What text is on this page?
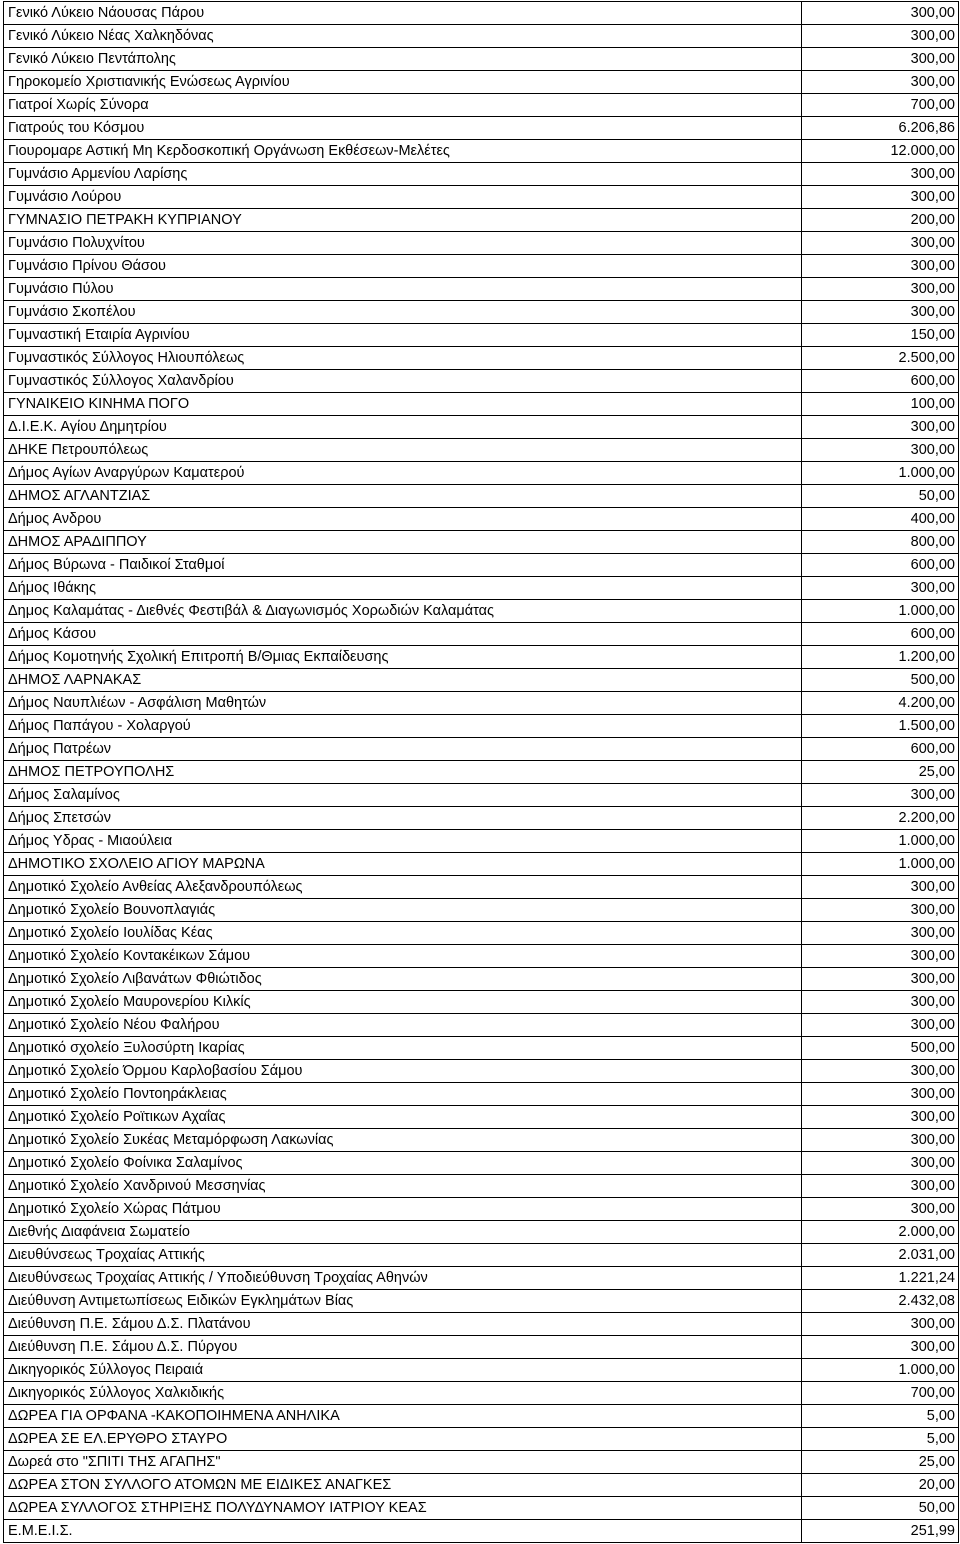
Γενικό Λύκειο Νάουσας Πάρου	300,00
Γενικό Λύκειο Νέας Χαλκηδόνας	300,00
Γενικό Λύκειο Πεντάπολης	300,00
Γηροκομείο Χριστιανικής Ενώσεως Αγρινίου	300,00
Γιατροί Χωρίς Σύνορα	700,00
Γιατρούς του Κόσμου	6.206,86
Γιουρομαρε Αστική Μη Κερδοσκοπική Οργάνωση Εκθέσεων-Μελέτες	12.000,00
Γυμνάσιο Αρμενίου Λαρίσης	300,00
Γυμνάσιο Λούρου	300,00
ΓΥΜΝΑΣΙΟ ΠΕΤΡΑΚΗ ΚΥΠΡΙΑΝΟΥ	200,00
Γυμνάσιο Πολυχνίτου	300,00
Γυμνάσιο Πρίνου Θάσου	300,00
Γυμνάσιο Πύλου	300,00
Γυμνάσιο Σκοπέλου	300,00
Γυμναστική Εταιρία Αγρινίου	150,00
Γυμναστικός Σύλλογος Ηλιουπόλεως	2.500,00
Γυμναστικός Σύλλογος Χαλανδρίου	600,00
ΓΥΝΑΙΚΕΙΟ ΚΙΝΗΜΑ ΠΟΓΟ	100,00
Δ.Ι.Ε.Κ. Αγίου Δημητρίου	300,00
ΔΗΚΕ Πετρουπόλεως	300,00
Δήμος Αγίων Αναργύρων Καματερού	1.000,00
ΔΗΜΟΣ ΑΓΛΑΝΤΖΙΑΣ	50,00
Δήμος Ανδρου	400,00
ΔΗΜΟΣ ΑΡΑΔΙΠΠΟΥ	800,00
Δήμος Βύρωνα - Παιδικοί Σταθμοί	600,00
Δήμος Ιθάκης	300,00
Δημος Καλαμάτας - Διεθνές Φεστιβάλ & Διαγωνισμός Χορωδιών Καλαμάτας	1.000,00
Δήμος Κάσου	600,00
Δήμος Κομοτηνής Σχολική Επιτροπή Β/Θμιας Εκπαίδευσης	1.200,00
ΔΗΜΟΣ ΛΑΡΝΑΚΑΣ	500,00
Δήμος Ναυπλιέων - Ασφάλιση Μαθητών	4.200,00
Δήμος Παπάγου - Χολαργού	1.500,00
Δήμος Πατρέων	600,00
ΔΗΜΟΣ ΠΕΤΡΟΥΠΟΛΗΣ	25,00
Δήμος Σαλαμίνος	300,00
Δήμος Σπετσών	2.200,00
Δήμος Υδρας - Μιαούλεια	1.000,00
ΔΗΜΟΤΙΚΟ ΣΧΟΛΕΙΟ ΑΓΙΟΥ ΜΑΡΩΝΑ	1.000,00
Δημοτικό Σχολείο Ανθείας Αλεξανδρουπόλεως	300,00
Δημοτικό Σχολείο Βουνοπλαγιάς	300,00
Δημοτικό Σχολείο Ιουλίδας Κέας	300,00
Δημοτικό Σχολείο Κοντακέικων Σάμου	300,00
Δημοτικό Σχολείο Λιβανάτων Φθιώτιδος	300,00
Δημοτικό Σχολείο Μαυρονερίου Κιλκίς	300,00
Δημοτικό Σχολείο Νέου Φαλήρου	300,00
Δημοτικό σχολείο Ξυλοσύρτη Ικαρίας	500,00
Δημοτικό Σχολείο Όρμου Καρλοβασίου Σάμου	300,00
Δημοτικό Σχολείο Ποντοηράκλειας	300,00
Δημοτικό Σχολείο Ροϊτικων Αχαΐας	300,00
Δημοτικό Σχολείο Συκέας Μεταμόρφωση Λακωνίας	300,00
Δημοτικό Σχολείο Φοίνικα Σαλαμίνος	300,00
Δημοτικό Σχολείο Χανδρινού Μεσσηνίας	300,00
Δημοτικό Σχολείο Χώρας Πάτμου	300,00
Διεθνής Διαφάνεια Σωματείο	2.000,00
Διευθύνσεως Τροχαίας Αττικής	2.031,00
Διευθύνσεως Τροχαίας Αττικής / Υποδιεύθυνση Τροχαίας Αθηνών	1.221,24
Διεύθυνση Αντιμετωπίσεως Ειδικών Εγκλημάτων Βίας	2.432,08
Διεύθυνση Π.Ε. Σάμου Δ.Σ. Πλατάνου	300,00
Διεύθυνση Π.Ε. Σάμου Δ.Σ. Πύργου	300,00
Δικηγορικός Σύλλογος Πειραιά	1.000,00
Δικηγορικός Σύλλογος Χαλκιδικής	700,00
ΔΩΡΕΑ ΓΙΑ ΟΡΦΑΝΑ -ΚΑΚΟΠΟΙΗΜΕΝΑ ΑΝΗΛΙΚΑ	5,00
ΔΩΡΕΑ ΣΕ ΕΛ.ΕΡΥΘΡΟ ΣΤΑΥΡΟ	5,00
Δωρεά στο "ΣΠΙΤΙ ΤΗΣ ΑΓΑΠΗΣ"	25,00
ΔΩΡΕΑ ΣΤΟΝ ΣΥΛΛΟΓΟ ΑΤΟΜΩΝ ΜΕ ΕΙΔΙΚΕΣ ΑΝΑΓΚΕΣ	20,00
ΔΩΡΕΑ ΣΥΛΛΟΓΟΣ ΣΤΗΡΙΞΗΣ ΠΟΛΥΔΥΝΑΜΟΥ ΙΑΤΡΙΟΥ ΚΕΑΣ	50,00
Ε.Μ.Ε.Ι.Σ.	251,99
